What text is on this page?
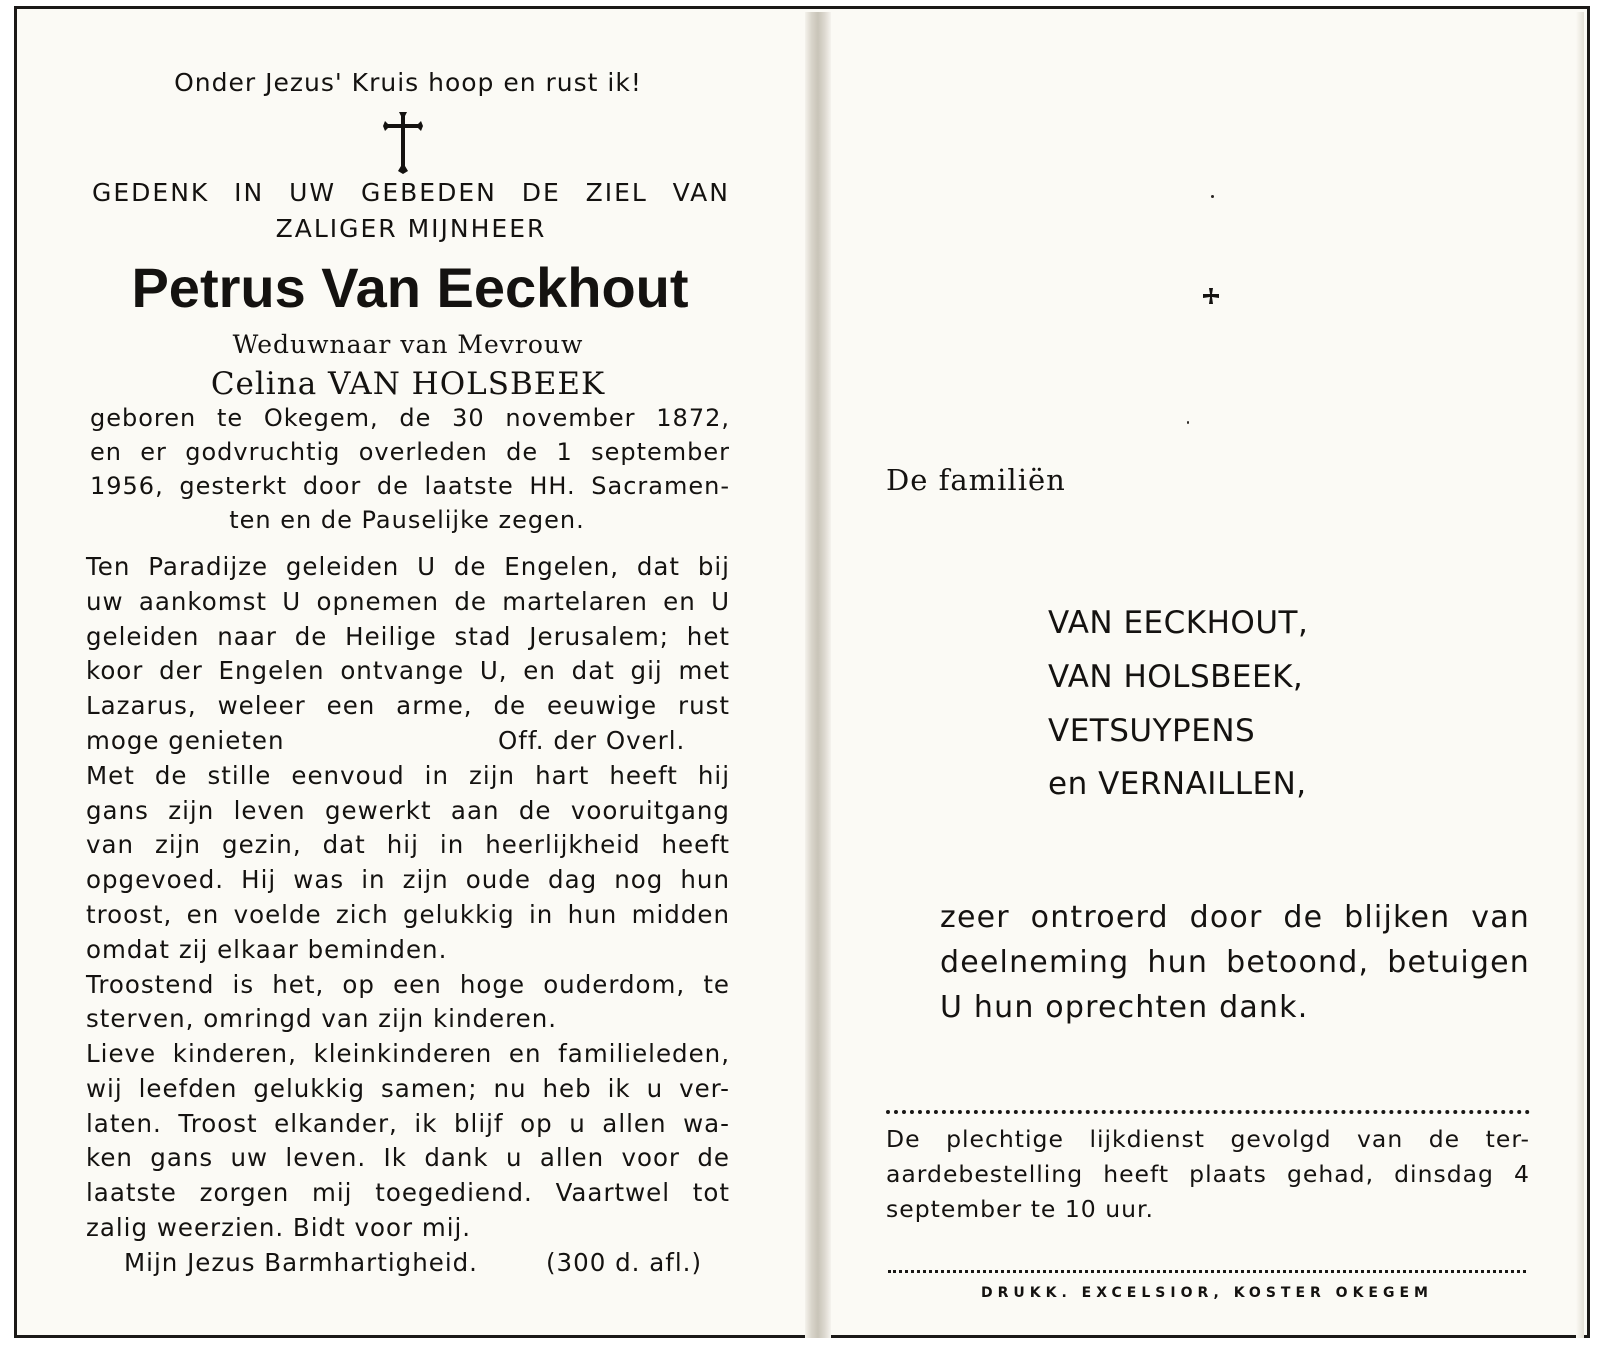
Onder Jezus' Kruis hoop en rust ik!

GEDENK IN UW GEBEDEN DE ZIEL VAN

ZALIGER MIJNHEER

Petrus Van Eeckhout

Weduwnaar van Mevrouw

Celina VAN HOLSBEEK

geboren te Okegem, de 30 november 1872,

en er godvruchtig overleden de 1 september

1956, gesterkt door de laatste HH. Sacramen-

ten en de Pauselijke zegen.

Ten Paradijze geleiden U de Engelen, dat bij

uw aankomst U opnemen de martelaren en U

geleiden naar de Heilige stad Jerusalem; het

koor der Engelen ontvange U, en dat gij met

Lazarus, weleer een arme, de eeuwige rust

moge genieten	Off. der Overl.

Met de stille eenvoud in zijn hart heeft hij

gans zijn leven gewerkt aan de vooruitgang

van zijn gezin, dat hij in heerlijkheid heeft

opgevoed. Hij was in zijn oude dag nog hun

troost, en voelde zich gelukkig in hun midden

omdat zij elkaar beminden.

Troostend is het, op een hoge ouderdom, te

sterven, omringd van zijn kinderen.

Lieve kinderen, kleinkinderen en familieleden,

wij leefden gelukkig samen; nu heb ik u ver-

laten. Troost elkander, ik blijf op u allen wa-

ken gans uw leven. Ik dank u allen voor de

laatste zorgen mij toegediend. Vaartwel tot

zalig weerzien. Bidt voor mij.

Mijn Jezus Barmhartigheid.	(300 d. afl.)

De familiën

VAN EECKHOUT,

VAN HOLSBEEK,

VETSUYPENS

en VERNAILLEN,

zeer ontroerd door de blijken van

deelneming hun betoond, betuigen

U hun oprechten dank.

De plechtige lijkdienst gevolgd van de ter-

aardebestelling heeft plaats gehad, dinsdag 4

september te 10 uur.

DRUKK. EXCELSIOR, KOSTER OKEGEM
